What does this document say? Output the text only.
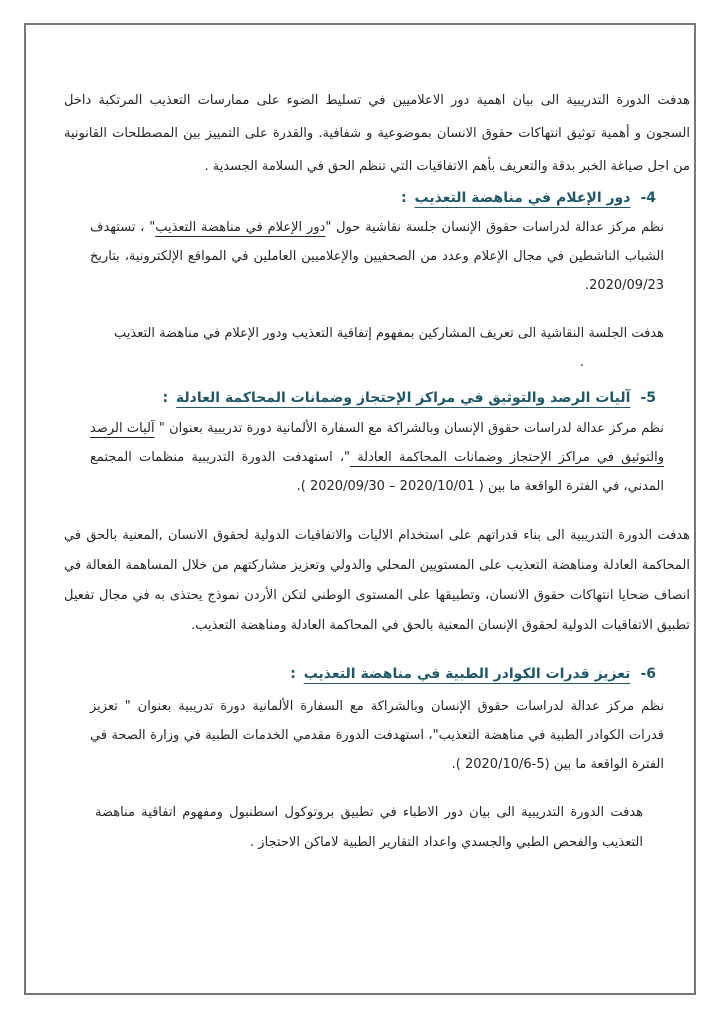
هدفت الدورة التدريبية الى بيان اهمية دور الاعلاميين في تسليط الضوء على ممارسات التعذيب المرتكبة داخل السجون و أهمية توثيق انتهاكات حقوق الانسان بموضوعية و شفافية. والقدرة على التمييز بين المصطلحات القانونية من اجل صياغة الخبر بدقة والتعريف بأهم الاتفاقيات التي تنظم الحق في السلامة الجسدية .

4-دور الإعلام في مناهضة التعذيب :

نظم مركز عدالة لدراسات حقوق الإنسان جلسة نقاشية حول "دور الإعلام في مناهضة التعذيب" ، تستهدف الشباب الناشطين في مجال الإعلام وعدد من الصحفيين والإعلاميين العاملين في المواقع الإلكترونية، بتاريخ 2020/09/23.

هدفت الجلسة النقاشية الى تعريف المشاركين بمفهوم إتفاقية التعذيب ودور الإعلام في مناهضة التعذيب
.
5-آليات الرصد والتوثيق في مراكز الإحتجاز وضمانات المحاكمة العادلة :

نظم مركز عدالة لدراسات حقوق الإنسان وبالشراكة مع السفارة الألمانية دورة تدريبية بعنوان " آليات الرصد والتوثيق في مراكز الإحتجاز وضمانات المحاكمة العادلة "، استهدفت الدورة التدريبية منظمات المجتمع المدني، في الفترة الواقعة ما بين ( 2020/09/30 – 2020/10/01 ).

هدفت الدورة التدريبية الى بناء قدراتهم على استخدام الاليات والاتفاقيات الدولية لحقوق الانسان ,المعنية بالحق في المحاكمة العادلة ومناهضة التعذيب على المستويين المحلي والدولي وتعزيز مشاركتهم من خلال المساهمة الفعالة في انصاف ضحايا انتهاكات حقوق الانسان، وتطبيقها على المستوى الوطني لتكن الأردن نموذج يحتذى به في مجال تفعيل تطبيق الاتفاقيات الدولية لحقوق الإنسان المعنية بالحق في المحاكمة العادلة ومناهضة التعذيب.

6-تعزيز قدرات الكوادر الطبية في مناهضة التعذيب :

نظم مركز عدالة لدراسات حقوق الإنسان وبالشراكة مع السفارة الألمانية دورة تدريبية بعنوان " تعزيز قدرات الكوادر الطبية في مناهضة التعذيب"، استهدفت الدورة مقدمي الخدمات الطبية في وزارة الصحة في الفترة الواقعة ما بين ( 2020/10/6-5).

هدفت الدورة التدريبية الى بيان دور الاطباء في تطبيق بروتوكول اسطنبول ومفهوم اتفاقية مناهضة التعذيب والفحص الطبي والجسدي واعداد التقارير الطبية لاماكن الاحتجاز .
